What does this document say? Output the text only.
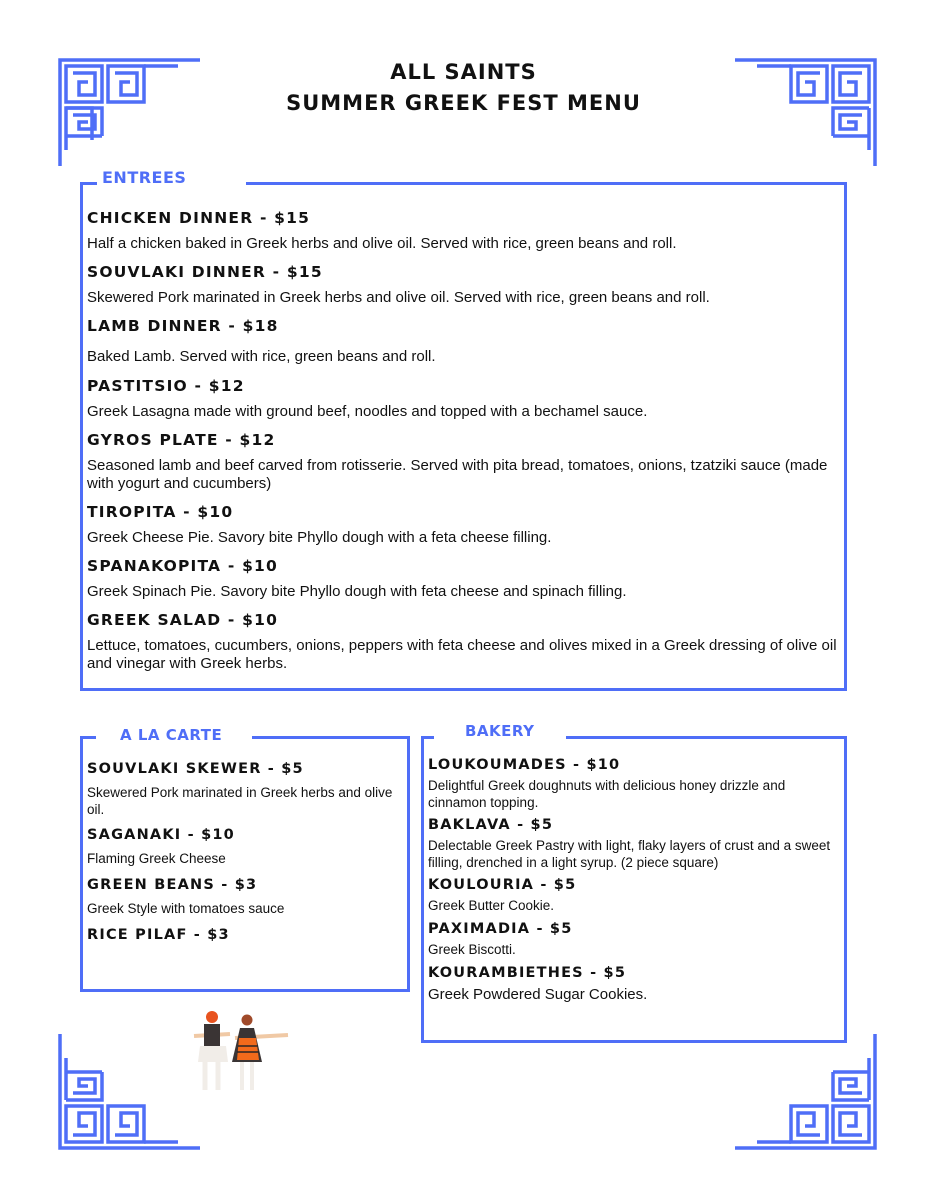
ALL SAINTS
SUMMER GREEK FEST MENU
ENTREES
CHICKEN DINNER - $15
Half a chicken baked in Greek herbs and olive oil. Served with rice, green beans and roll.
SOUVLAKI DINNER - $15
Skewered Pork marinated in Greek herbs and olive oil. Served with rice, green beans and roll.
LAMB DINNER - $18
Baked Lamb. Served with rice, green beans and roll.
PASTITSIO - $12
Greek Lasagna made with ground beef, noodles and topped with a bechamel sauce.
GYROS PLATE - $12
Seasoned lamb and beef carved from rotisserie. Served with pita bread, tomatoes, onions, tzatziki sauce (made with yogurt and cucumbers)
TIROPITA - $10
Greek Cheese Pie. Savory bite Phyllo dough with a feta cheese filling.
SPANAKOPITA - $10
Greek Spinach Pie. Savory bite Phyllo dough with feta cheese and spinach filling.
GREEK SALAD - $10
Lettuce, tomatoes, cucumbers, onions, peppers with feta cheese and olives mixed in a Greek dressing of olive oil and vinegar with Greek herbs.
A LA CARTE
SOUVLAKI SKEWER - $5
Skewered Pork marinated in Greek herbs and olive oil.
SAGANAKI - $10
Flaming Greek Cheese
GREEN BEANS - $3
Greek Style with tomatoes sauce
RICE PILAF - $3
BAKERY
LOUKOUMADES - $10
Delightful Greek doughnuts with delicious honey drizzle and cinnamon topping.
BAKLAVA - $5
Delectable Greek Pastry with light, flaky layers of crust and a sweet filling, drenched in a light syrup. (2 piece square)
KOULOURIA - $5
Greek Butter Cookie.
PAXIMADIA - $5
Greek Biscotti.
KOURAMBIETHES - $5
Greek Powdered Sugar Cookies.
